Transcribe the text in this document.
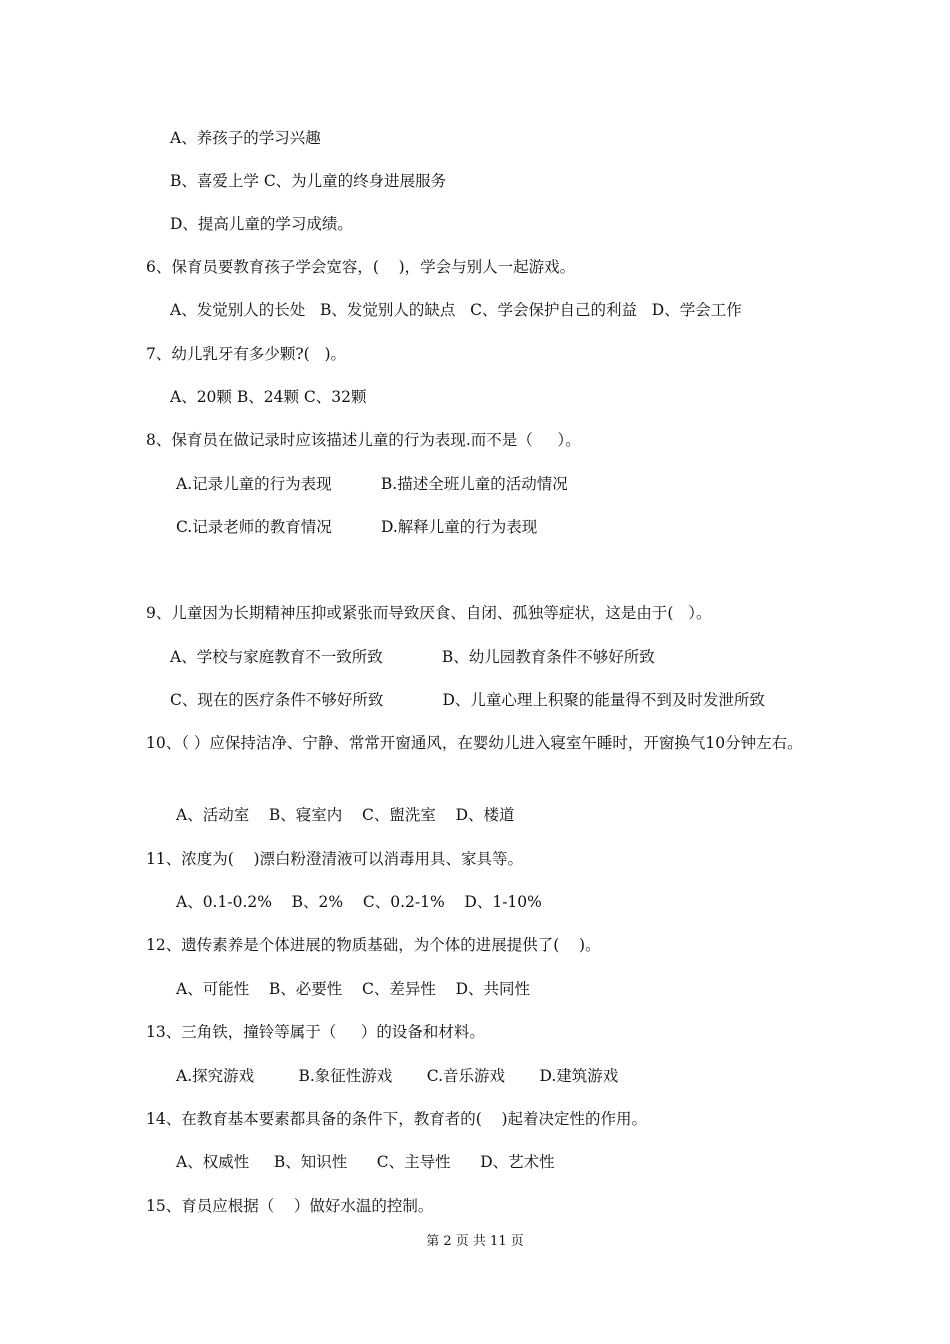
A、养孩子的学习兴趣
B、喜爱上学 C、为儿童的终身进展服务
D、提高儿童的学习成绩。
6、保育员要教育孩子学会宽容，(    )，学会与别人一起游戏。
A、发觉别人的长处   B、发觉别人的缺点   C、学会保护自己的利益   D、学会工作
7、幼儿乳牙有多少颗?(   )。
A、20颗 B、24颗 C、32颗
8、保育员在做记录时应该描述儿童的行为表现.而不是（     ）。
A.记录儿童的行为表现          B.描述全班儿童的活动情况
C.记录老师的教育情况          D.解释儿童的行为表现
9、儿童因为长期精神压抑或紧张而导致厌食、自闭、孤独等症状，这是由于(   ）。
A、学校与家庭教育不一致所致            B、幼儿园教育条件不够好所致
C、现在的医疗条件不够好所致            D、儿童心理上积聚的能量得不到及时发泄所致
10、（ ）应保持洁净、宁静、常常开窗通风，在婴幼儿进入寝室午睡时，开窗换气10分钟左右。
A、活动室    B、寝室内    C、盥洗室    D、楼道
11、浓度为(    )漂白粉澄清液可以消毒用具、家具等。
A、0.1-0.2%    B、2%    C、0.2-1%    D、1-10%
12、遗传素养是个体进展的物质基础，为个体的进展提供了(    )。
A、可能性    B、必要性    C、差异性    D、共同性
13、三角铁，撞铃等属于（     ）的设备和材料。
A.探究游戏         B.象征性游戏       C.音乐游戏       D.建筑游戏
14、在教育基本要素都具备的条件下，教育者的(    )起着决定性的作用。
A、权威性     B、知识性      C、主导性      D、艺术性
15、育员应根据（    ）做好水温的控制。
第 2 页 共 11 页
